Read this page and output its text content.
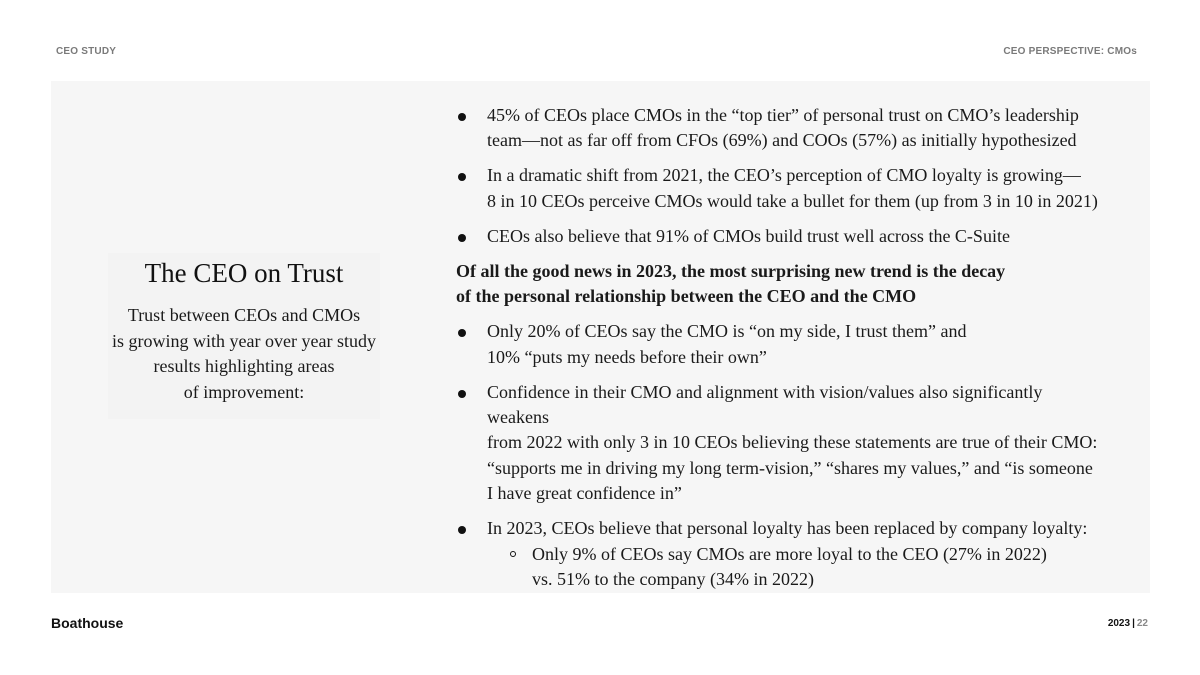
CEO STUDY	CEO PERSPECTIVE: CMOs
The CEO on Trust
Trust between CEOs and CMOs
is growing with year over year study
results highlighting areas
of improvement:
45% of CEOs place CMOs in the “top tier” of personal trust on CMO’s leadership
team—not as far off from CFOs (69%) and COOs (57%) as initially hypothesized
In a dramatic shift from 2021, the CEO’s perception of CMO loyalty is growing—
8 in 10 CEOs perceive CMOs would take a bullet for them (up from 3 in 10 in 2021)
CEOs also believe that 91% of CMOs build trust well across the C-Suite
Of all the good news in 2023, the most surprising new trend is the decay
of the personal relationship between the CEO and the CMO
Only 20% of CEOs say the CMO is “on my side, I trust them” and
10% “puts my needs before their own”
Confidence in their CMO and alignment with vision/values also significantly weakens
from 2022 with only 3 in 10 CEOs believing these statements are true of their CMO:
“supports me in driving my long term-vision,” “shares my values,” and “is someone
I have great confidence in”
In 2023, CEOs believe that personal loyalty has been replaced by company loyalty:
Only 9% of CEOs say CMOs are more loyal to the CEO (27% in 2022)
vs. 51% to the company (34% in 2022)
Boathouse	2023 | 22
